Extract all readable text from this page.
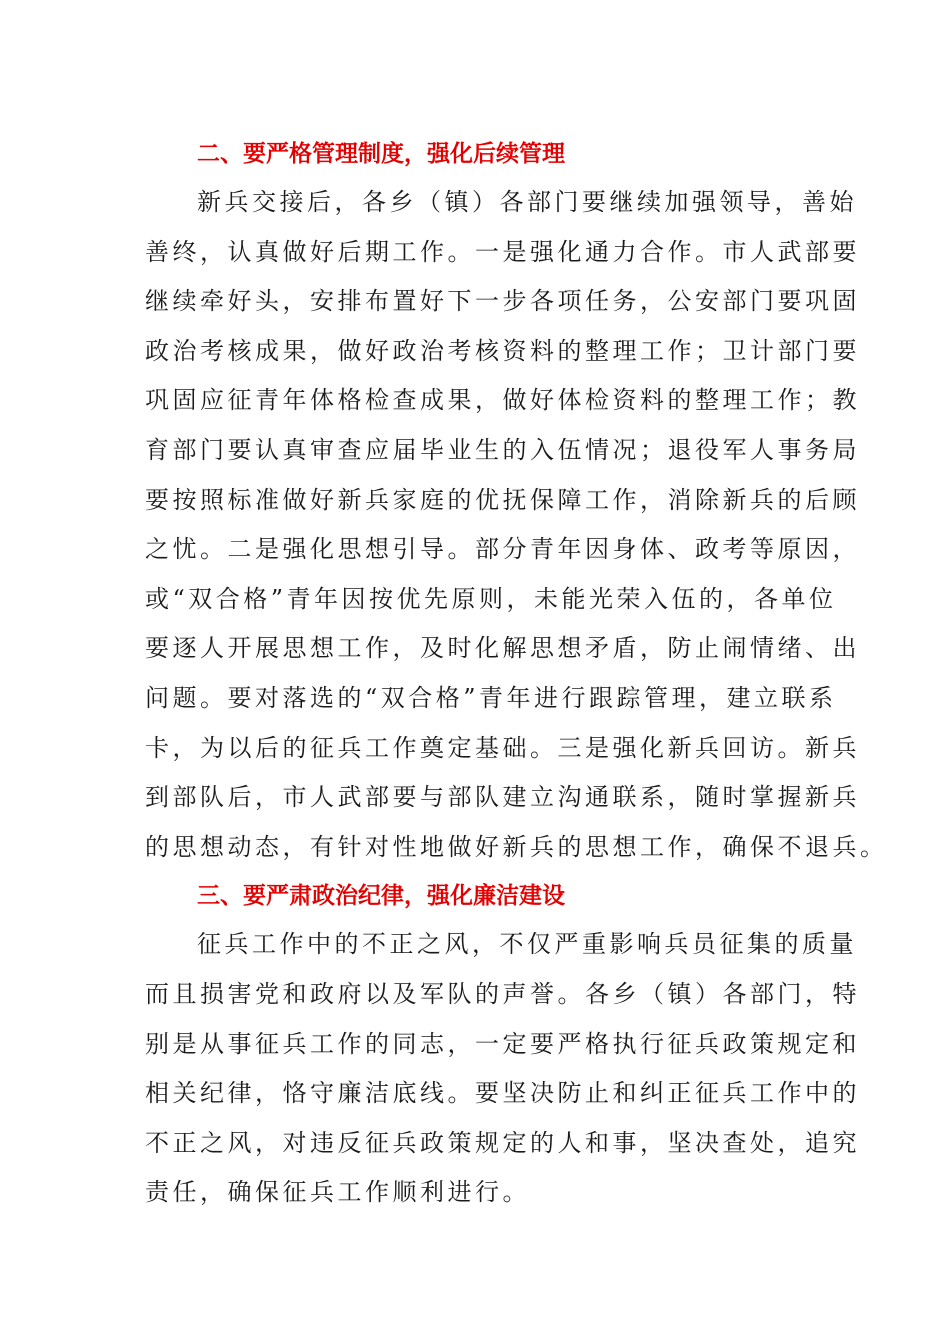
二、要严格管理制度，强化后续管理
新兵交接后，各乡（镇）各部门要继续加强领导，善始
善终，认真做好后期工作。一是强化通力合作。市人武部要
继续牵好头，安排布置好下一步各项任务，公安部门要巩固
政治考核成果，做好政治考核资料的整理工作；卫计部门要
巩固应征青年体格检查成果，做好体检资料的整理工作；教
育部门要认真审查应届毕业生的入伍情况；退役军人事务局
要按照标准做好新兵家庭的优抚保障工作，消除新兵的后顾
之忧。二是强化思想引导。部分青年因身体、政考等原因，
或“双合格”青年因按优先原则，未能光荣入伍的，各单位
要逐人开展思想工作，及时化解思想矛盾，防止闹情绪、出
问题。要对落选的“双合格”青年进行跟踪管理，建立联系
卡，为以后的征兵工作奠定基础。三是强化新兵回访。新兵
到部队后，市人武部要与部队建立沟通联系，随时掌握新兵
的思想动态，有针对性地做好新兵的思想工作，确保不退兵。
三、要严肃政治纪律，强化廉洁建设
征兵工作中的不正之风，不仅严重影响兵员征集的质量
而且损害党和政府以及军队的声誉。各乡（镇）各部门，特
别是从事征兵工作的同志，一定要严格执行征兵政策规定和
相关纪律，恪守廉洁底线。要坚决防止和纠正征兵工作中的
不正之风，对违反征兵政策规定的人和事，坚决查处，追究
责任，确保征兵工作顺利进行。
